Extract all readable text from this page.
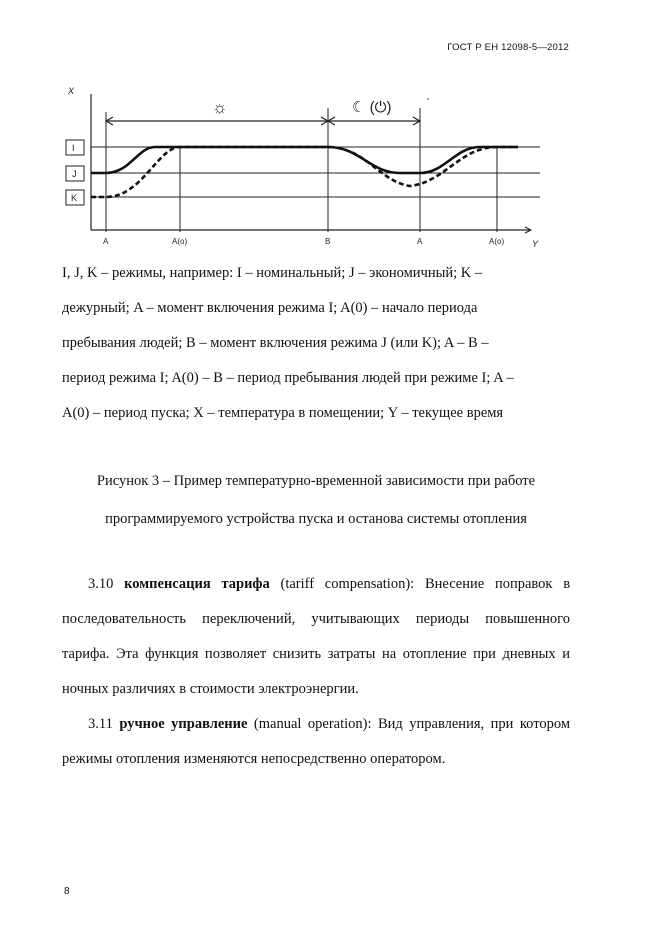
ГОСТ Р ЕН 12098-5—2012
X
Y
I
J
K
☼	☾ (⏻)
·
A	A(o)	B	A	A(o)

I, J, K – режимы, например: I – номинальный; J – экономичный; K –

дежурный; A – момент включения режима I; A(0) – начало периода

пребывания людей; B – момент включения режима J (или K); A – B –

период режима I; A(0) – B – период пребывания людей при режиме I; A –

A(0) – период пуска; X – температура в помещении; Y – текущее время

Рисунок 3 – Пример температурно-временной зависимости при работе

программируемого устройства пуска и останова системы отопления

3.10 компенсация тарифа (tariff compensation): Внесение поправок в последовательность переключений, учитывающих периоды повышенного тарифа. Эта функция позволяет снизить затраты на отопление при дневных и ночных различиях в стоимости электроэнергии.

3.11 ручное управление (manual operation): Вид управления, при котором режимы отопления изменяются непосредственно оператором.

8
